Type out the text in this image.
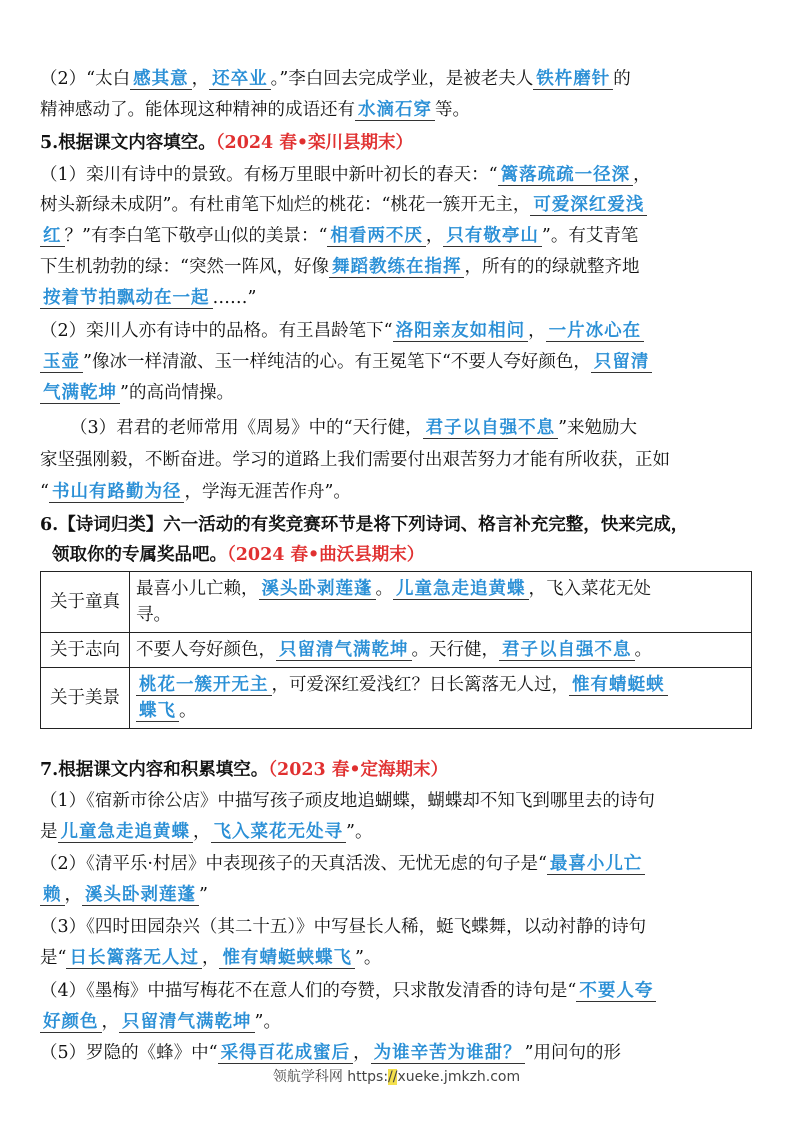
（2）“太白 感其意 ， 还卒业 。”李白回去完成学业，是被老夫人 铁杵磨针 的
精神感动了。能体现这种精神的成语还有 水滴石穿 等。
5.根据课文内容填空。（2024 春•栾川县期末）
（1）栾川有诗中的景致。有杨万里眼中新叶初长的春天：“ 篱落疏疏一径深 ，
树头新绿未成阴”。有杜甫笔下灿烂的桃花：“桃花一簇开无主， 可爱深红爱浅
红 ？”有李白笔下敬亭山似的美景：“ 相看两不厌 ， 只有敬亭山 ”。有艾青笔
下生机勃勃的绿：“突然一阵风，好像 舞蹈教练在指挥 ，所有的的绿就整齐地
按着节拍飘动在一起 ……”
（2）栾川人亦有诗中的品格。有王昌龄笔下“ 洛阳亲友如相问 ， 一片冰心在
玉壶 ”像冰一样清澈、玉一样纯洁的心。有王冕笔下“不要人夸好颜色， 只留清
气满乾坤 ”的高尚情操。
（3）君君的老师常用《周易》中的“天行健， 君子以自强不息 ”来勉励大
家坚强刚毅，不断奋进。学习的道路上我们需要付出艰苦努力才能有所收获，正如
“ 书山有路勤为径 ，学海无涯苦作舟”。
6.【诗词归类】六一活动的有奖竞赛环节是将下列诗词、格言补充完整，快来完成，
领取你的专属奖品吧。（2024 春•曲沃县期末）
关于童真	最喜小儿亡赖， 溪头卧剥莲蓬 。 儿童急走追黄蝶 ，飞入菜花无处
寻。
关于志向	不要人夸好颜色， 只留清气满乾坤 。天行健， 君子以自强不息 。
关于美景	桃花一簇开无主 ，可爱深红爱浅红？日长篱落无人过， 惟有蜻蜓蛱
蝶飞 。
7.根据课文内容和积累填空。（2023 春•定海期末）
（1）《宿新市徐公店》中描写孩子顽皮地追蝴蝶，蝴蝶却不知飞到哪里去的诗句
是 儿童急走追黄蝶 ， 飞入菜花无处寻 ”。
（2）《清平乐·村居》中表现孩子的天真活泼、无忧无虑的句子是“ 最喜小儿亡
赖 ， 溪头卧剥莲蓬 ”
（3）《四时田园杂兴（其二十五）》中写昼长人稀，蜓飞蝶舞，以动衬静的诗句
是“ 日长篱落无人过 ， 惟有蜻蜓蛱蝶飞 ”。
（4）《墨梅》中描写梅花不在意人们的夸赞，只求散发清香的诗句是“ 不要人夸
好颜色 ， 只留清气满乾坤 ”。
（5）罗隐的《蜂》中“ 采得百花成蜜后 ， 为谁辛苦为谁甜？ ”用问句的形
领航学科网 https://xueke.jmkzh.com
